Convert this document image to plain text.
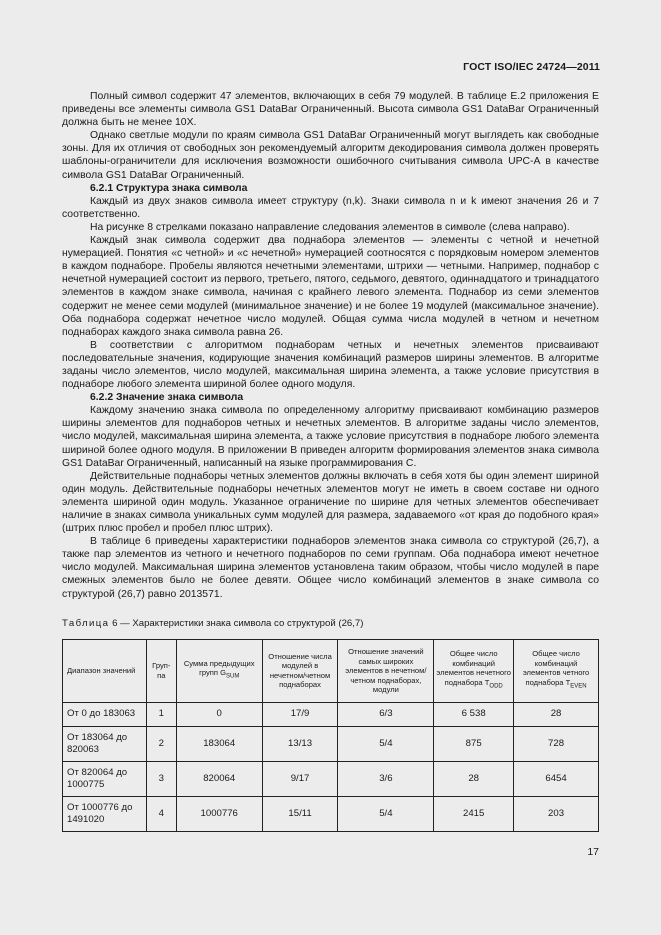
ГОСТ ISO/IEC 24724—2011

Полный символ содержит 47 элементов, включающих в себя 79 модулей. В таблице Е.2 приложения Е приведены все элементы символа GS1 DataBar Ограниченный. Высота символа GS1 DataBar Ограниченный должна быть не менее 10X.

Однако светлые модули по краям символа GS1 DataBar Ограниченный могут выглядеть как свободные зоны. Для их отличия от свободных зон рекомендуемый алгоритм декодирования символа должен проверять шаблоны-ограничители для исключения возможности ошибочного считывания символа UPC-A в качестве символа GS1 DataBar Ограниченный.

6.2.1 Структура знака символа

Каждый из двух знаков символа имеет структуру (n,k). Знаки символа n и k имеют значения 26 и 7 соответственно.

На рисунке 8 стрелками показано направление следования элементов в символе (слева направо).

Каждый знак символа содержит два поднабора элементов — элементы с четной и нечетной нумерацией. Понятия «с четной» и «с нечетной» нумерацией соотносятся с порядковым номером элементов в каждом поднаборе. Пробелы являются нечетными элементами, штрихи — четными. Например, поднабор с нечетной нумерацией состоит из первого, третьего, пятого, седьмого, девятого, одиннадцатого и тринадцатого элементов в каждом знаке символа, начиная с крайнего левого элемента. Поднабор из семи элементов содержит не менее семи модулей (минимальное значение) и не более 19 модулей (максимальное значение). Оба поднабора содержат нечетное число модулей. Общая сумма числа модулей в четном и нечетном поднаборах каждого знака символа равна 26.

В соответствии с алгоритмом поднаборам четных и нечетных элементов присваивают последовательные значения, кодирующие значения комбинаций размеров ширины элементов. В алгоритме заданы число элементов, число модулей, максимальная ширина элемента, а также условие присутствия в поднаборе любого элемента шириной более одного модуля.

6.2.2 Значение знака символа

Каждому значению знака символа по определенному алгоритму присваивают комбинацию размеров ширины элементов для поднаборов четных и нечетных элементов. В алгоритме заданы число элементов, число модулей, максимальная ширина элемента, а также условие присутствия в поднаборе любого элемента шириной более одного модуля. В приложении В приведен алгоритм формирования элементов знака символа GS1 DataBar Ограниченный, написанный на языке программирования С.

Действительные поднаборы четных элементов должны включать в себя хотя бы один элемент шириной один модуль. Действительные поднаборы нечетных элементов могут не иметь в своем составе ни одного элемента шириной один модуль. Указанное ограничение по ширине для четных элементов обеспечивает наличие в знаках символа уникальных сумм модулей для размера, задаваемого «от края до подобного края» (штрих плюс пробел и пробел плюс штрих).

В таблице 6 приведены характеристики поднаборов элементов знака символа со структурой (26,7), а также пар элементов из четного и нечетного поднаборов по семи группам. Оба поднабора имеют нечетное число модулей. Максимальная ширина элементов установлена таким образом, чтобы число модулей в паре смежных элементов было не более девяти. Общее число комбинаций элементов в знаке символа со структурой (26,7) равно 2013571.

Таблица 6 — Характеристики знака символа со структурой (26,7)
Диапазон значений	Груп-па	Сумма предыдущих групп $G_{SUM}$	Отношение числа модулей в нечетном/четном поднаборах	Отношение значений самых широких элементов в нечетном/четном поднаборах, модули	Общее число комбинаций элементов нечетного поднабора $T_{ODD}$	Общее число комбинаций элементов четного поднабора $T_{EVEN}$
От 0 до 183063	1	0	17/9	6/3	6 538	28
От 183064 до 820063	2	183064	13/13	5/4	875	728
От 820064 до 1000775	3	820064	9/17	3/6	28	6454
От 1000776 до 1491020	4	1000776	15/11	5/4	2415	203
17
